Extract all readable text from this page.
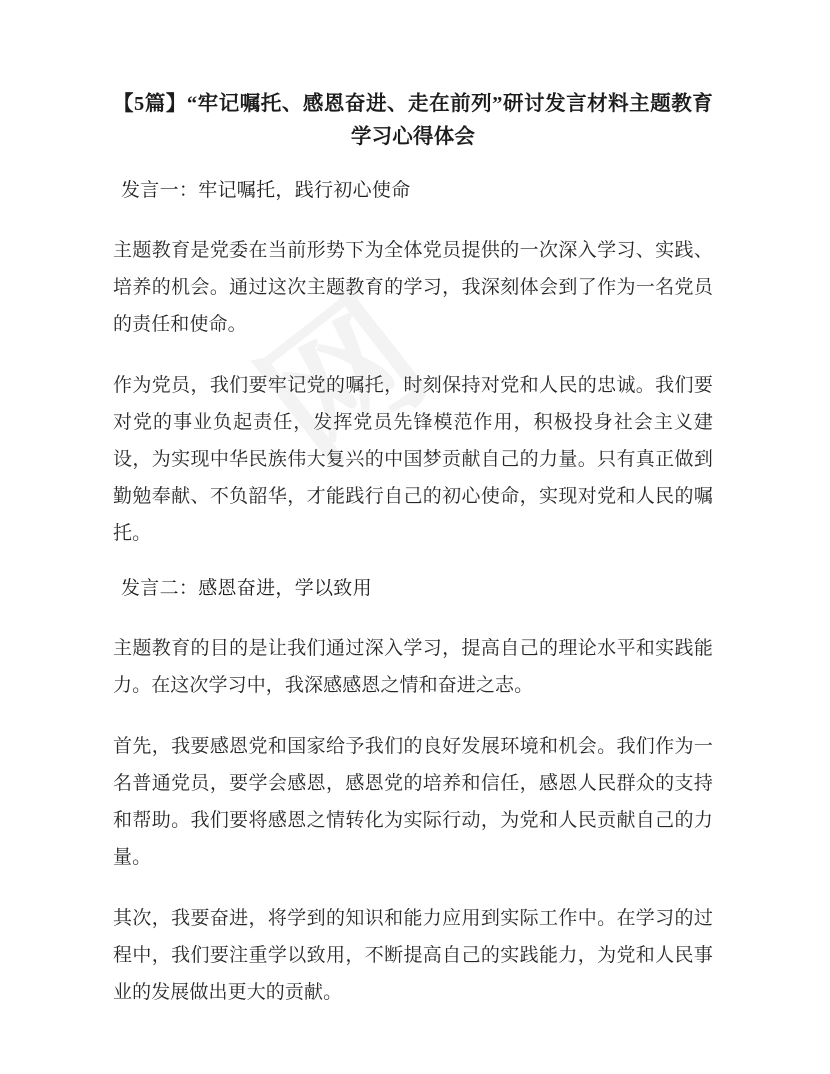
【5篇】“牢记嘱托、感恩奋进、走在前列”研讨发言材料主题教育学习心得体会
发言一：牢记嘱托，践行初心使命

主题教育是党委在当前形势下为全体党员提供的一次深入学习、实践、培养的机会。通过这次主题教育的学习，我深刻体会到了作为一名党员的责任和使命。

作为党员，我们要牢记党的嘱托，时刻保持对党和人民的忠诚。我们要对党的事业负起责任，发挥党员先锋模范作用，积极投身社会主义建设，为实现中华民族伟大复兴的中国梦贡献自己的力量。只有真正做到勤勉奉献、不负韶华，才能践行自己的初心使命，实现对党和人民的嘱托。

发言二：感恩奋进，学以致用

主题教育的目的是让我们通过深入学习，提高自己的理论水平和实践能力。在这次学习中，我深感感恩之情和奋进之志。

首先，我要感恩党和国家给予我们的良好发展环境和机会。我们作为一名普通党员，要学会感恩，感恩党的培养和信任，感恩人民群众的支持和帮助。我们要将感恩之情转化为实际行动，为党和人民贡献自己的力量。

其次，我要奋进，将学到的知识和能力应用到实际工作中。在学习的过程中，我们要注重学以致用，不断提高自己的实践能力，为党和人民事业的发展做出更大的贡献。
